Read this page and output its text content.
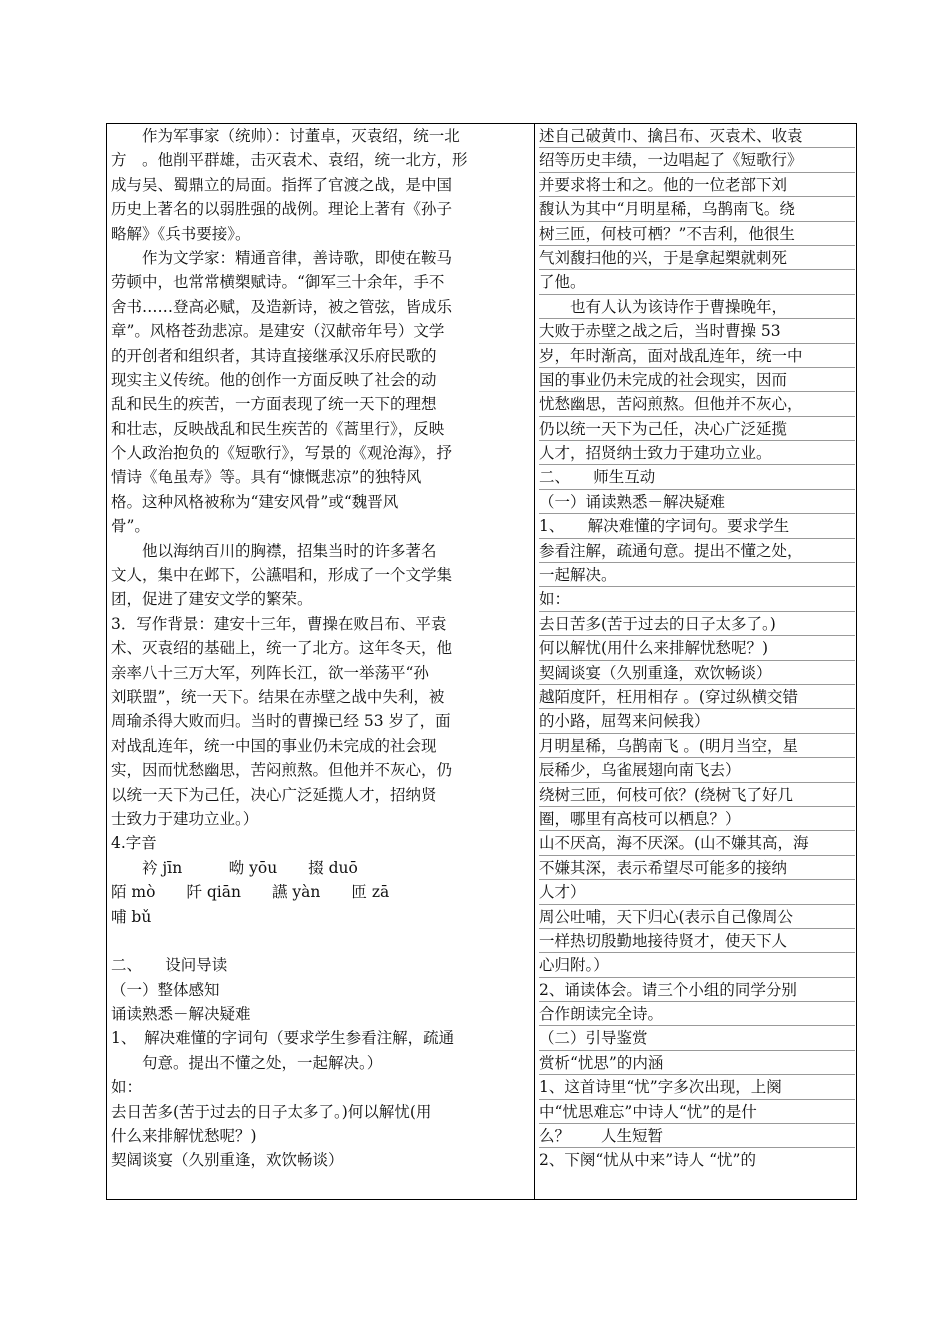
　　作为军事家（统帅）：讨董卓，灭袁绍，统一北
方　。他削平群雄，击灭袁术、袁绍，统一北方，形
成与吴、蜀鼎立的局面。指挥了官渡之战，是中国
历史上著名的以弱胜强的战例。理论上著有《孙子
略解》《兵书要接》。
　　作为文学家：精通音律，善诗歌，即使在鞍马
劳顿中，也常常横槊赋诗。“御军三十余年，手不
舍书……登高必赋，及造新诗，被之管弦，皆成乐
章”。风格苍劲悲凉。是建安（汉献帝年号）文学
的开创者和组织者，其诗直接继承汉乐府民歌的
现实主义传统。他的创作一方面反映了社会的动
乱和民生的疾苦，一方面表现了统一天下的理想
和壮志，反映战乱和民生疾苦的《蒿里行》，反映
个人政治抱负的《短歌行》，写景的《观沧海》，抒
情诗《龟虽寿》等。具有“慷慨悲凉”的独特风
格。这种风格被称为“建安风骨”或“魏晋风
骨”。
　　他以海纳百川的胸襟，招集当时的许多著名
文人，集中在邺下，公讌唱和，形成了一个文学集
团，促进了建安文学的繁荣。
3．写作背景：建安十三年，曹操在败吕布、平袁
术、灭袁绍的基础上，统一了北方。这年冬天，他
亲率八十三万大军，列阵长江，欲一举荡平“孙
刘联盟”，统一天下。结果在赤壁之战中失利，被
周瑜杀得大败而归。当时的曹操已经 53 岁了，面
对战乱连年，统一中国的事业仍未完成的社会现
实，因而忧愁幽思，苦闷煎熬。但他并不灰心，仍
以统一天下为己任，决心广泛延揽人才，招纳贤
士致力于建功立业。）
4.字音
　　衿 jīn　　　呦 yōu　　掇 duō
陌 mò　　阡 qiān　　讌 yàn　　匝 zā
哺 bǔ
二、　　设问导读
（一）整体感知
诵读熟悉－解决疑难
1、　解决难懂的字词句（要求学生参看注解，疏通
　　句意。提出不懂之处，一起解决。）
如：
去日苦多(苦于过去的日子太多了。)何以解忧(用
什么来排解忧愁呢？)
契阔谈宴（久别重逢，欢饮畅谈）
述自己破黄巾、擒吕布、灭袁术、收袁
绍等历史丰绩，一边唱起了《短歌行》
并要求将士和之。他的一位老部下刘
馥认为其中“月明星稀，乌鹊南飞。绕
树三匝，何枝可栖？”不吉利，他很生
气刘馥扫他的兴，于是拿起槊就刺死
了他。
　　也有人认为该诗作于曹操晚年，
大败于赤壁之战之后，当时曹操 53
岁，年时渐高，面对战乱连年，统一中
国的事业仍未完成的社会现实，因而
忧愁幽思，苦闷煎熬。但他并不灰心，
仍以统一天下为己任，决心广泛延揽
人才，招贤纳士致力于建功立业。
二、　　师生互动
（一）诵读熟悉－解决疑难
1、　　解决难懂的字词句。要求学生
参看注解，疏通句意。提出不懂之处，
一起解决。
如：
去日苦多(苦于过去的日子太多了。)
何以解忧(用什么来排解忧愁呢？)
契阔谈宴（久别重逢，欢饮畅谈）
越陌度阡，枉用相存 。(穿过纵横交错
的小路，屈驾来问候我）
月明星稀，乌鹊南飞 。(明月当空，星
辰稀少，乌雀展翅向南飞去）
绕树三匝，何枝可依？(绕树飞了好几
圈，哪里有高枝可以栖息？）
山不厌高，海不厌深。(山不嫌其高，海
不嫌其深，表示希望尽可能多的接纳
人才）
周公吐哺，天下归心(表示自己像周公
一样热切殷勤地接待贤才，使天下人
心归附。）
2、诵读体会。请三个小组的同学分别
合作朗读完全诗。
（二）引导鉴赏
赏析“忧思”的内涵
1、这首诗里“忧”字多次出现，上阕
中“忧思难忘”中诗人“忧”的是什
么？　　人生短暂
2、下阕“忧从中来”诗人 “忧”的
